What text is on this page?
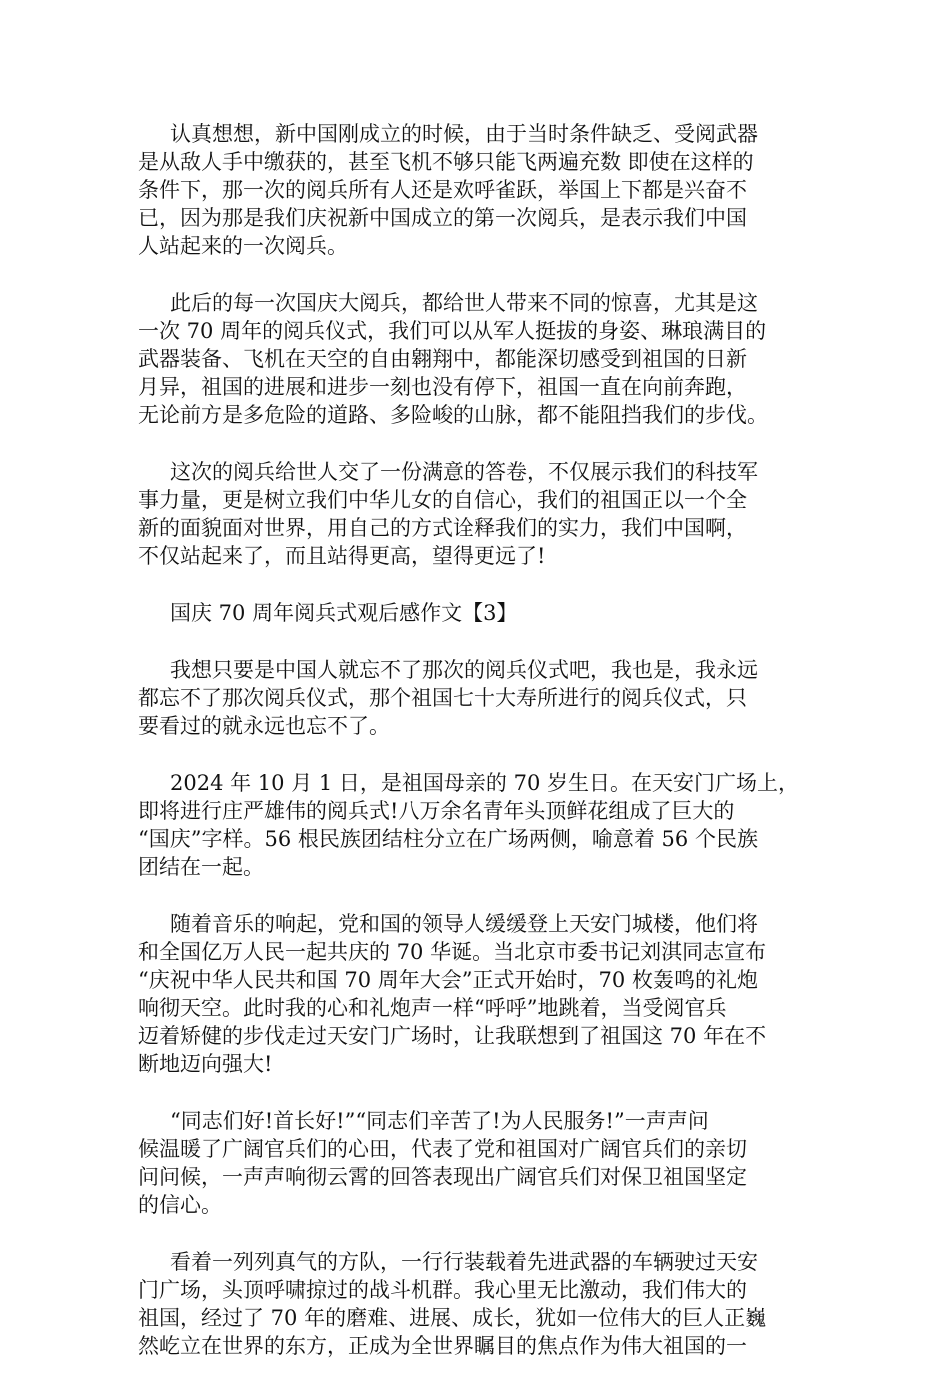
认真想想，新中国刚成立的时候，由于当时条件缺乏、受阅武器
是从敌人手中缴获的，甚至飞机不够只能飞两遍充数 即使在这样的
条件下，那一次的阅兵所有人还是欢呼雀跃，举国上下都是兴奋不
已，因为那是我们庆祝新中国成立的第一次阅兵，是表示我们中国
人站起来的一次阅兵。
此后的每一次国庆大阅兵，都给世人带来不同的惊喜，尤其是这
一次 70 周年的阅兵仪式，我们可以从军人挺拔的身姿、琳琅满目的
武器装备、飞机在天空的自由翱翔中，都能深切感受到祖国的日新
月异，祖国的进展和进步一刻也没有停下，祖国一直在向前奔跑，
无论前方是多危险的道路、多险峻的山脉，都不能阻挡我们的步伐。
这次的阅兵给世人交了一份满意的答卷，不仅展示我们的科技军
事力量，更是树立我们中华儿女的自信心，我们的祖国正以一个全
新的面貌面对世界，用自己的方式诠释我们的实力，我们中国啊，
不仅站起来了，而且站得更高，望得更远了!
国庆 70 周年阅兵式观后感作文【3】
我想只要是中国人就忘不了那次的阅兵仪式吧，我也是，我永远
都忘不了那次阅兵仪式，那个祖国七十大寿所进行的阅兵仪式，只
要看过的就永远也忘不了。
2024 年 10 月 1 日，是祖国母亲的 70 岁生日。在天安门广场上，
即将进行庄严雄伟的阅兵式!八万余名青年头顶鲜花组成了巨大的
“国庆”字样。56 根民族团结柱分立在广场两侧，喻意着 56 个民族
团结在一起。
随着音乐的响起，党和国的领导人缓缓登上天安门城楼，他们将
和全国亿万人民一起共庆的 70 华诞。当北京市委书记刘淇同志宣布
“庆祝中华人民共和国 70 周年大会”正式开始时，70 枚轰鸣的礼炮
响彻天空。此时我的心和礼炮声一样“呼呼”地跳着，当受阅官兵
迈着矫健的步伐走过天安门广场时，让我联想到了祖国这 70 年在不
断地迈向强大!
“同志们好!首长好!”“同志们辛苦了!为人民服务!”一声声问
候温暖了广阔官兵们的心田，代表了党和祖国对广阔官兵们的亲切
问问候，一声声响彻云霄的回答表现出广阔官兵们对保卫祖国坚定
的信心。
看着一列列真气的方队，一行行装载着先进武器的车辆驶过天安
门广场，头顶呼啸掠过的战斗机群。我心里无比激动，我们伟大的
祖国，经过了 70 年的磨难、进展、成长，犹如一位伟大的巨人正巍
然屹立在世界的东方，正成为全世界瞩目的焦点作为伟大祖国的一
